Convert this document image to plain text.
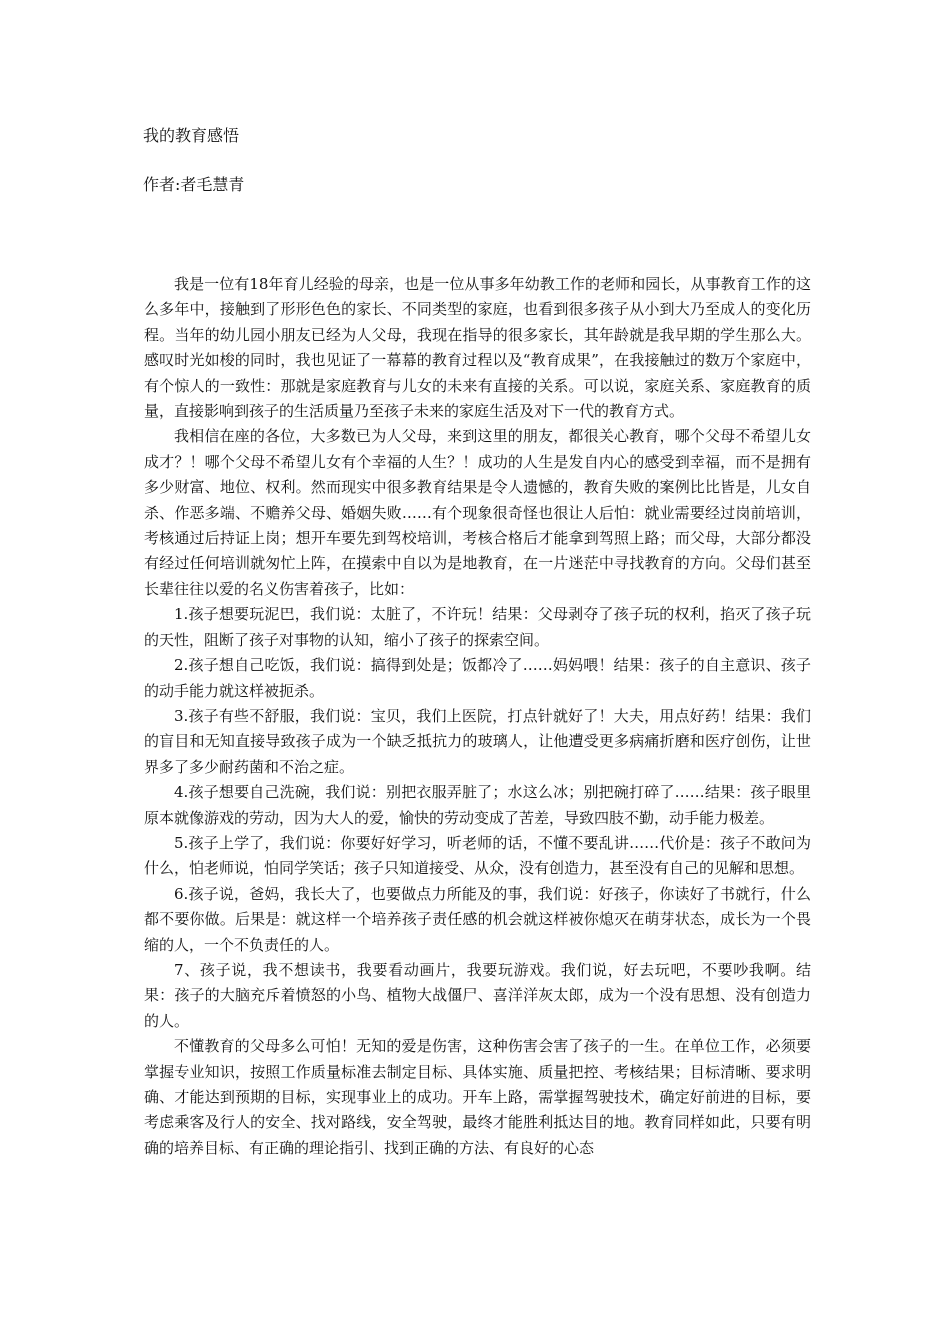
我的教育感悟

作者:者毛慧青

我是一位有18年育儿经验的母亲，也是一位从事多年幼教工作的老师和园长，从事教育工作的这么多年中，接触到了形形色色的家长、不同类型的家庭，也看到很多孩子从小到大乃至成人的变化历程。当年的幼儿园小朋友已经为人父母，我现在指导的很多家长，其年龄就是我早期的学生那么大。感叹时光如梭的同时，我也见证了一幕幕的教育过程以及“教育成果”，在我接触过的数万个家庭中，有个惊人的一致性：那就是家庭教育与儿女的未来有直接的关系。可以说，家庭关系、家庭教育的质量，直接影响到孩子的生活质量乃至孩子未来的家庭生活及对下一代的教育方式。

我相信在座的各位，大多数已为人父母，来到这里的朋友，都很关心教育，哪个父母不希望儿女成才？！哪个父母不希望儿女有个幸福的人生？！成功的人生是发自内心的感受到幸福，而不是拥有多少财富、地位、权利。然而现实中很多教育结果是令人遗憾的，教育失败的案例比比皆是，儿女自杀、作恶多端、不赡养父母、婚姻失败……有个现象很奇怪也很让人后怕：就业需要经过岗前培训，考核通过后持证上岗；想开车要先到驾校培训，考核合格后才能拿到驾照上路；而父母，大部分都没有经过任何培训就匆忙上阵，在摸索中自以为是地教育，在一片迷茫中寻找教育的方向。父母们甚至长辈往往以爱的名义伤害着孩子，比如：

1.孩子想要玩泥巴，我们说：太脏了，不许玩！结果：父母剥夺了孩子玩的权利，掐灭了孩子玩的天性，阻断了孩子对事物的认知，缩小了孩子的探索空间。

2.孩子想自己吃饭，我们说：搞得到处是；饭都冷了……妈妈喂！结果：孩子的自主意识、孩子的动手能力就这样被扼杀。

3.孩子有些不舒服，我们说：宝贝，我们上医院，打点针就好了！大夫，用点好药！结果：我们的盲目和无知直接导致孩子成为一个缺乏抵抗力的玻璃人，让他遭受更多病痛折磨和医疗创伤，让世界多了多少耐药菌和不治之症。

4.孩子想要自己洗碗，我们说：别把衣服弄脏了；水这么冰；别把碗打碎了……结果：孩子眼里原本就像游戏的劳动，因为大人的爱，愉快的劳动变成了苦差，导致四肢不勤，动手能力极差。

5.孩子上学了，我们说：你要好好学习，听老师的话，不懂不要乱讲……代价是：孩子不敢问为什么，怕老师说，怕同学笑话；孩子只知道接受、从众，没有创造力，甚至没有自己的见解和思想。

6.孩子说，爸妈，我长大了，也要做点力所能及的事，我们说：好孩子，你读好了书就行，什么都不要你做。后果是：就这样一个培养孩子责任感的机会就这样被你熄灭在萌芽状态，成长为一个畏缩的人，一个不负责任的人。

7、孩子说，我不想读书，我要看动画片，我要玩游戏。我们说，好去玩吧，不要吵我啊。结果：孩子的大脑充斥着愤怒的小鸟、植物大战僵尸、喜洋洋灰太郎，成为一个没有思想、没有创造力的人。

不懂教育的父母多么可怕！无知的爱是伤害，这种伤害会害了孩子的一生。在单位工作，必须要掌握专业知识，按照工作质量标准去制定目标、具体实施、质量把控、考核结果；目标清晰、要求明确、才能达到预期的目标，实现事业上的成功。开车上路，需掌握驾驶技术，确定好前进的目标，要考虑乘客及行人的安全、找对路线，安全驾驶，最终才能胜利抵达目的地。教育同样如此，只要有明确的培养目标、有正确的理论指引、找到正确的方法、有良好的心态
